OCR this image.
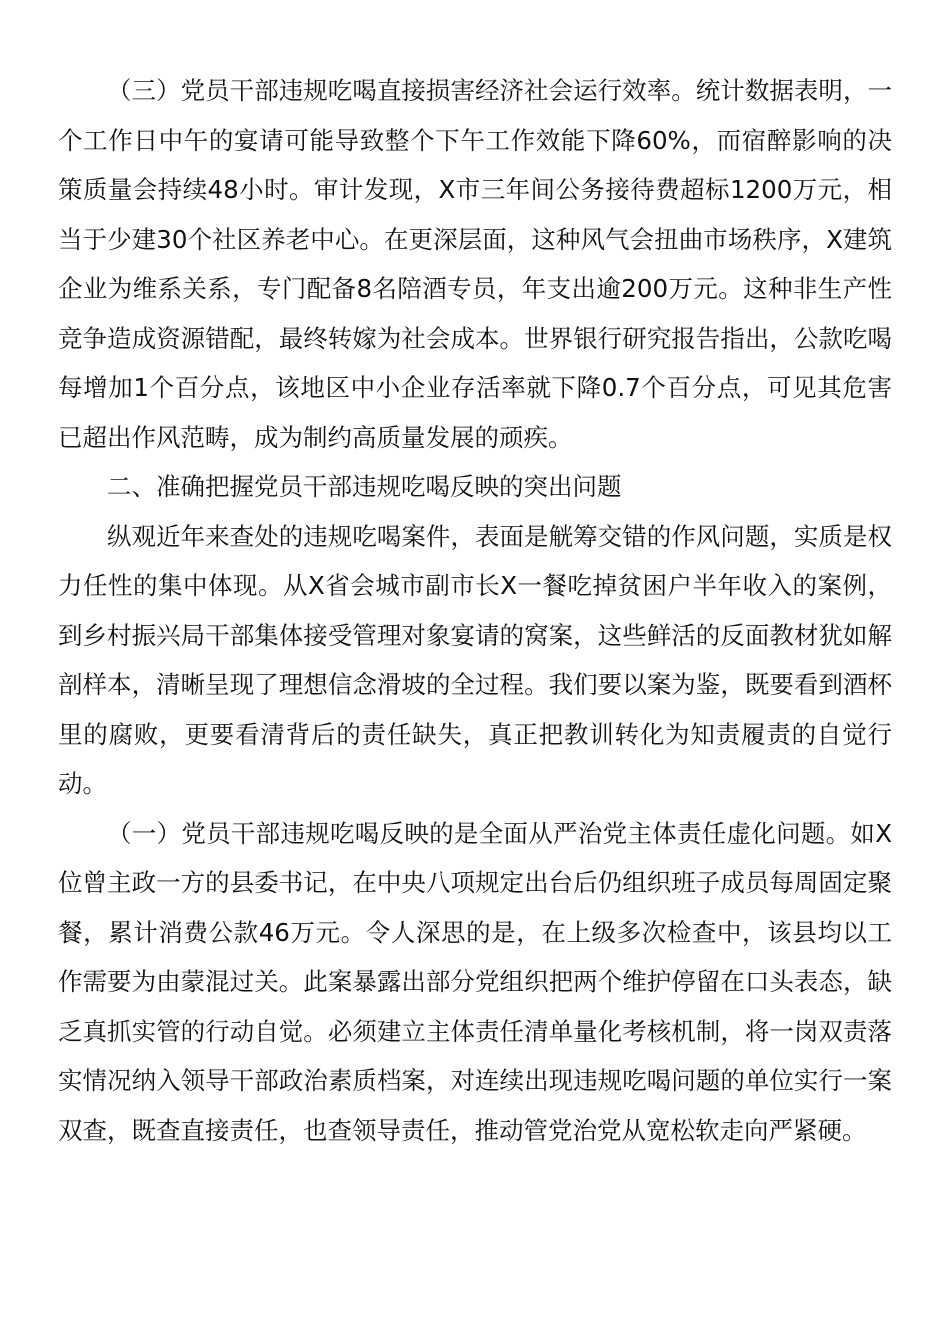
（三）党员干部违规吃喝直接损害经济社会运行效率。统计数据表明，一个工作日中午的宴请可能导致整个下午工作效能下降60%，而宿醉影响的决策质量会持续48小时。审计发现，X市三年间公务接待费超标1200万元，相当于少建30个社区养老中心。在更深层面，这种风气会扭曲市场秩序，X建筑企业为维系关系，专门配备8名陪酒专员，年支出逾200万元。这种非生产性竞争造成资源错配，最终转嫁为社会成本。世界银行研究报告指出，公款吃喝每增加1个百分点，该地区中小企业存活率就下降0.7个百分点，可见其危害已超出作风范畴，成为制约高质量发展的顽疾。

二、准确把握党员干部违规吃喝反映的突出问题

纵观近年来查处的违规吃喝案件，表面是觥筹交错的作风问题，实质是权力任性的集中体现。从X省会城市副市长X一餐吃掉贫困户半年收入的案例，到乡村振兴局干部集体接受管理对象宴请的窝案，这些鲜活的反面教材犹如解剖样本，清晰呈现了理想信念滑坡的全过程。我们要以案为鉴，既要看到酒杯里的腐败，更要看清背后的责任缺失，真正把教训转化为知责履责的自觉行动。

（一）党员干部违规吃喝反映的是全面从严治党主体责任虚化问题。如X位曾主政一方的县委书记，在中央八项规定出台后仍组织班子成员每周固定聚餐，累计消费公款46万元。令人深思的是，在上级多次检查中，该县均以工作需要为由蒙混过关。此案暴露出部分党组织把两个维护停留在口头表态，缺乏真抓实管的行动自觉。必须建立主体责任清单量化考核机制，将一岗双责落实情况纳入领导干部政治素质档案，对连续出现违规吃喝问题的单位实行一案双查，既查直接责任，也查领导责任，推动管党治党从宽松软走向严紧硬。
